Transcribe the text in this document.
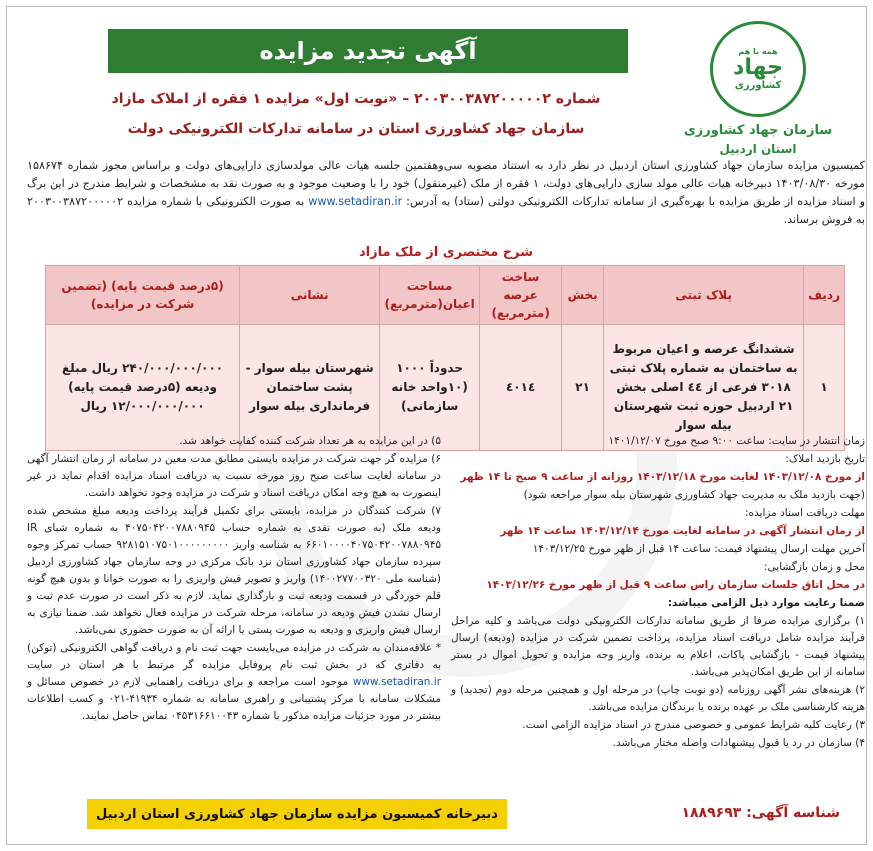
همه با هم
جهاد
کشاورزی
سازمان جهاد کشاورزی
استان اردبیل
آگهی تجدید مزایده
شماره ۲۰۰۳۰۰۳۸۷۲۰۰۰۰۰۲ – «نوبت اول» مزایده ۱ فقره از املاک مازاد
سازمان جهاد کشاورزی استان در سامانه تدارکات الکترونیکی دولت
کمیسیون مزایده سازمان جهاد کشاورزی استان اردبیل در نظر دارد به استناد مصوبه سی‌وهفتمین جلسه هیات عالی مولدسازی دارایی‌های دولت و براساس مجوز شماره ۱۵۸۶۷۴ مورخه ۱۴۰۳/۰۸/۳۰ دبیرخانه هیات عالی مولد سازی دارایی‌های دولت، ۱ فقره از ملک (غیرمنقول) خود را با وضعیت موجود و به صورت نقد به مشخصات و شرایط مندرج در این برگ و اسناد مزایده از طریق مزایده با بهره‌گیری از سامانه تدارکات الکترونیکی دولتی (ستاد) به آدرس: www.setadiran.ir به صورت الکترونیکی با شماره مزایده ۲۰۰۳۰۰۳۸۷۲۰۰۰۰۰۲ به فروش برساند.
شرح مختصری از ملک مازاد
ردیف	پلاک ثبتی	بخش	ساخت عرصه (مترمربع)	مساحت اعیان(مترمربع)	نشانی	(۵درصد قیمت پایه) (تضمین شرکت در مزایده)
۱	ششدانگ عرصه و اعیان مربوط به ساختمان به شماره پلاک ثبتی ۳۰۱۸ فرعی از ٤٤ اصلی بخش ۲۱ اردبیل حوزه ثبت شهرستان بیله سوار	۲۱	٤٠١٤	حدوداً ۱۰۰۰ (۱۰واحد خانه سازمانی)	شهرستان بیله سوار - پشت ساختمان فرمانداری بیله سوار	۲۴۰/۰۰۰/۰۰۰/۰۰۰ ریال مبلغ ودیعه (۵درصد قیمت پایه) ۱۲/۰۰۰/۰۰۰/۰۰۰ ریال

زمان انتشار در سایت: ساعت ۹:۰۰ صبح مورخ ۱۴۰۱/۱۲/۰۷

تاریخ بازدید املاک:

از مورخ ۱۴۰۳/۱۲/۰۸ لغایت مورخ ۱۴۰۳/۱۲/۱۸ روزانه از ساعت ۹ صبح تا ۱۴ ظهر

(جهت بازدید ملک به مدیریت جهاد کشاورزی شهرستان بیله سوار مراجعه شود)

مهلت دریافت اسناد مزایده:

از زمان انتشار آگهی در سامانه لغایت مورخ ۱۴۰۳/۱۲/۱۴ ساعت ۱۴ ظهر

آخرین مهلت ارسال پیشنهاد قیمت: ساعت ۱۴ قبل از ظهر مورخ ۱۴۰۳/۱۲/۲۵

محل و زمان بازگشایی:

در محل اتاق جلسات سازمان راس ساعت ۹ قبل از ظهر مورخ ۱۴۰۳/۱۲/۲۶

ضمنا رعایت موارد ذیل الزامی میباشد:

۱) برگزاری مزایده صرفا از طریق سامانه تدارکات الکترونیکی دولت می‌باشد و کلیه مراحل فرآیند مزایده شامل دریافت اسناد مزایده، پرداخت تضمین شرکت در مزایده (ودیعه) ارسال پیشنهاد قیمت - بازگشایی پاکات، اعلام به برنده، واریز وجه مزایده و تحویل اموال در بستر سامانه از این طریق امکان‌پذیر می‌باشد.

۲) هزینه‌های نشر آگهی روزنامه (دو نوبت چاپ) در مرحله اول و همچنین مرحله دوم (تجدید) و هزینه کارشناسی ملک بر عهده برنده یا برندگان مزایده می‌باشد.

۳) رعایت کلیه شرایط عمومی و خصوصی مندرج در اسناد مزایده الزامی است.

۴) سازمان در رد یا قبول پیشنهادات واصله مختار می‌باشد.

۵) در این مزایده به هر تعداد شرکت کننده کفایت خواهد شد.

۶) مزایده گر جهت شرکت در مزایده بایستی مطابق مدت معین در سامانه از زمان انتشار آگهی در سامانه لغایت ساعت صبح روز مورخه نسبت به دریافت اسناد مزایده اقدام نماید در غیر اینصورت به هیچ وجه امکان دریافت اسناد و شرکت در مزایده وجود نخواهد داشت.

۷) شرکت کنندگان در مزایده، بایستی برای تکمیل فرآیند پرداخت ودیعه مبلغ مشخص شده ودیعه ملک (به صورت نقدی به شماره حساب ۴۰۷۵۰۴۲۰۰۷۸۸۰۹۴۵ به شماره شبای IR ۶۶۰۱۰۰۰۰۴۰۷۵۰۴۲۰۰۷۸۸۰۹۴۵ به شناسه واریز ۹۲۸۱۵۱۰۷۵۰۱۰۰۰۰۰۰۰۰۰ حساب تمرکز وجوه سپرده سازمان جهاد کشاورزی استان نزد بانک مرکزی در وجه سازمان جهاد کشاورزی اردبیل (شناسه ملی ۱۴۰۰۲۷۷۰۰۳۲۰) واریز و تصویر فیش واریزی را به صورت خوانا و بدون هیچ گونه قلم خوردگی در قسمت ودیعه ثبت و بارگذاری نماید. لازم به ذکر است در صورت عدم ثبت و ارسال نشدن فیش ودیعه در سامانه، مرحله شرکت در مزایده فعال نخواهد شد. ضمنا نیازی به ارسال فیش واریزی و ودیعه به صورت پستی یا ارائه آن به صورت حضوری نمی‌باشد.

* علاقه‌مندان به شرکت در مزایده می‌بایست جهت ثبت نام و دریافت گواهی الکترونیکی (توکن) به دفاتری که در بخش ثبت نام پروفایل مزایده گر مرتبط با هر استان در سایت www.setadiran.ir موجود است مراجعه و برای دریافت راهنمایی لازم در خصوص مسائل و مشکلات سامانه با مرکز پشتیبانی و راهبری سامانه به شماره ۴۱۹۳۴-۰۲۱ و کسب اطلاعات بیشتر در مورد جزئیات مزایده مذکور با شماره ۰۴۵۳۱۶۶۱۰۰۴۳ تماس حاصل نمایند.

دبیرخانه کمیسیون مزایده سازمان جهاد کشاورزی استان اردبیل	شناسه آگهی: ۱۸۸۹۶۹۳
